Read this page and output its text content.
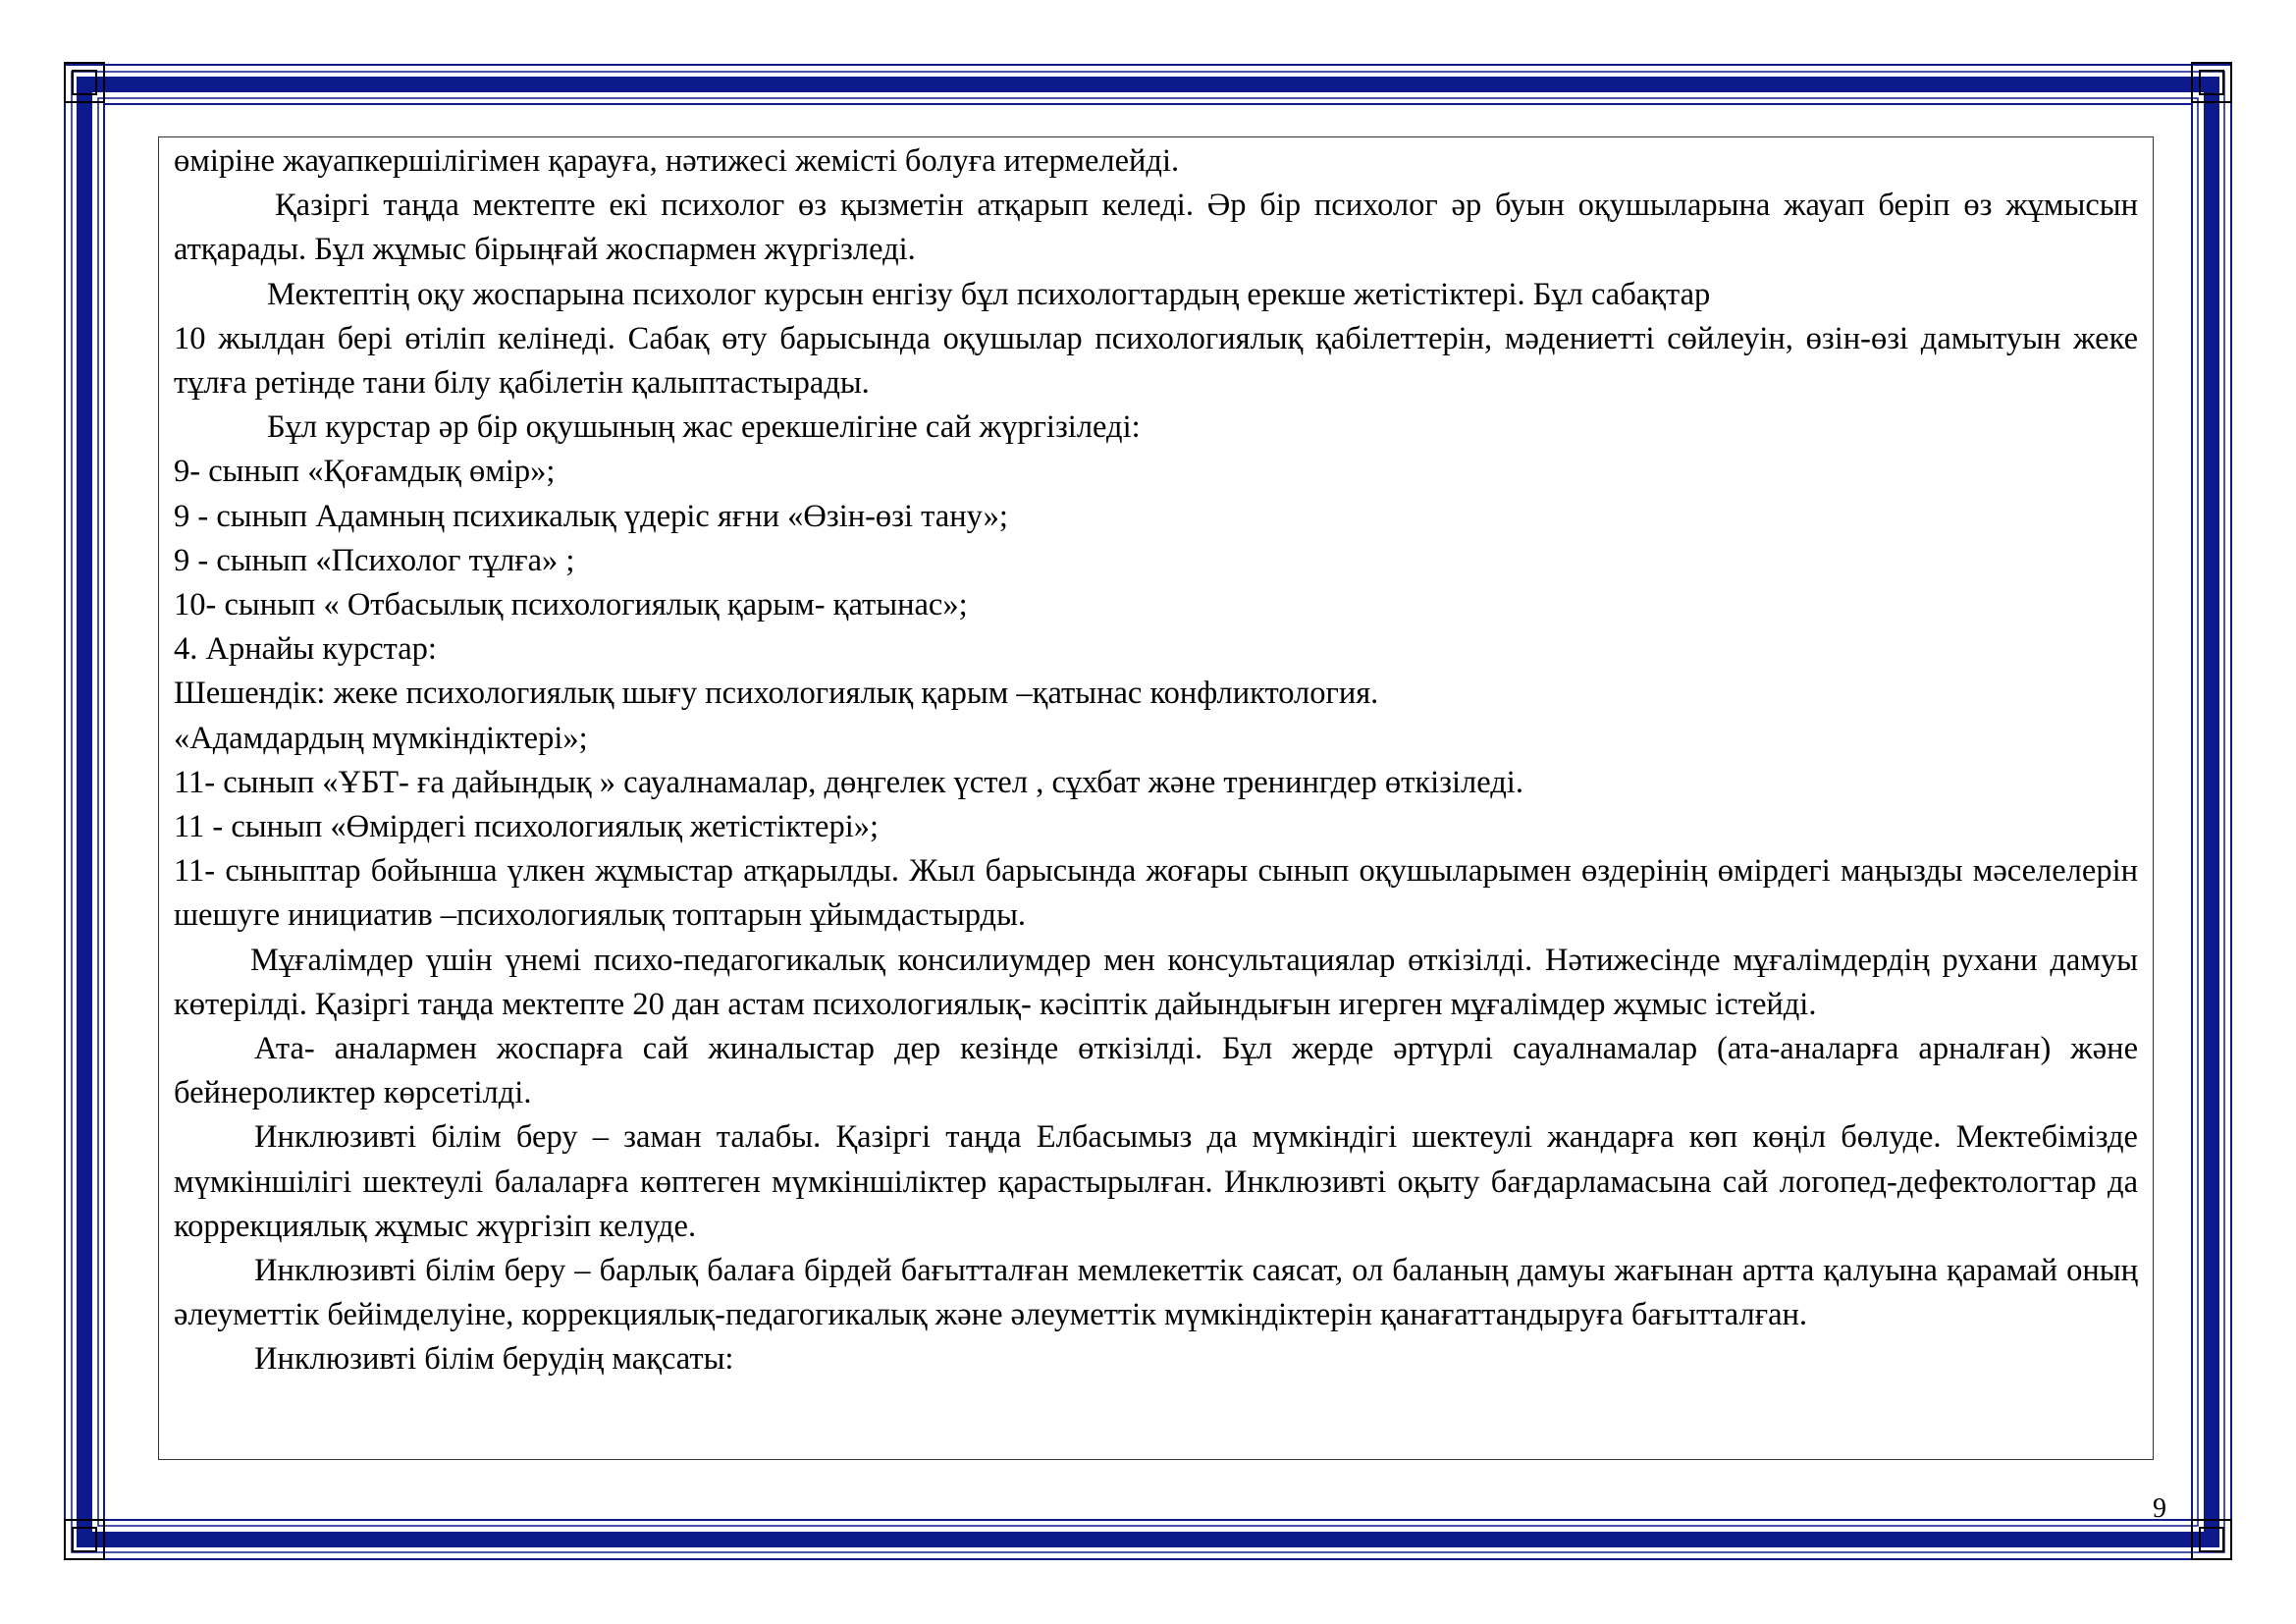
өміріне жауапкершілігімен қарауға, нәтижесі жемісті болуға итермелейді.

Қазіргі таңда мектепте екі психолог өз қызметін атқарып келеді. Әр бір психолог әр буын оқушыларына жауап беріп өз жұмысын атқарады. Бұл жұмыс бірыңғай жоспармен жүргізледі.

Мектептің оқу жоспарына психолог курсын енгізу бұл психологтардың ерекше жетістіктері. Бұл сабақтар

10 жылдан бері өтіліп келінеді. Сабақ өту барысында оқушылар психологиялық қабілеттерін, мәдениетті сөйлеуін, өзін-өзі дамытуын жеке тұлға ретінде тани білу қабілетін қалыптастырады.

Бұл курстар әр бір оқушының жас ерекшелігіне сай жүргізіледі:

9- сынып «Қоғамдық өмір»;

9 - сынып Адамның психикалық үдеріс яғни «Өзін-өзі тану»;

9 - сынып «Психолог тұлға» ;

10- сынып « Отбасылық психологиялық қарым- қатынас»;

4. Арнайы курстар:

Шешендік: жеке психологиялық шығу психологиялық қарым –қатынас конфликтология.

«Адамдардың мүмкіндіктері»;

11- сынып «ҰБТ- ға дайындық » сауалнамалар, дөңгелек үстел , сұхбат және тренингдер өткізіледі.

11 - сынып «Өмірдегі психологиялық жетістіктері»;

11- сыныптар бойынша үлкен жұмыстар атқарылды. Жыл барысында жоғары сынып оқушыларымен өздерінің өмірдегі маңызды мәселелерін шешуге инициатив –психологиялық топтарын ұйымдастырды.

Мұғалімдер үшін үнемі психо-педагогикалық консилиумдер мен консультациялар өткізілді. Нәтижесінде мұғалімдердің рухани дамуы көтерілді. Қазіргі таңда мектепте 20 дан астам психологиялық- кәсіптік дайындығын игерген мұғалімдер жұмыс істейді.

Ата- аналармен жоспарға сай жиналыстар дер кезінде өткізілді. Бұл жерде әртүрлі сауалнамалар (ата-аналарға арналған) және бейнероликтер көрсетілді.

Инклюзивті білім беру – заман талабы. Қазіргі таңда Елбасымыз да мүмкіндігі шектеулі жандарға көп көңіл бөлуде. Мектебімізде мүмкіншілігі шектеулі балаларға көптеген мүмкіншіліктер қарастырылған. Инклюзивті оқыту бағдарламасына сай логопед-дефектологтар да коррекциялық жұмыс жүргізіп келуде.

Инклюзивті білім беру – барлық балаға бірдей бағытталған мемлекеттік саясат, ол баланың дамуы жағынан артта қалуына қарамай оның әлеуметтік бейімделуіне, коррекциялық-педагогикалық және әлеуметтік мүмкіндіктерін қанағаттандыруға бағытталған.

Инклюзивті білім берудің мақсаты:

9
